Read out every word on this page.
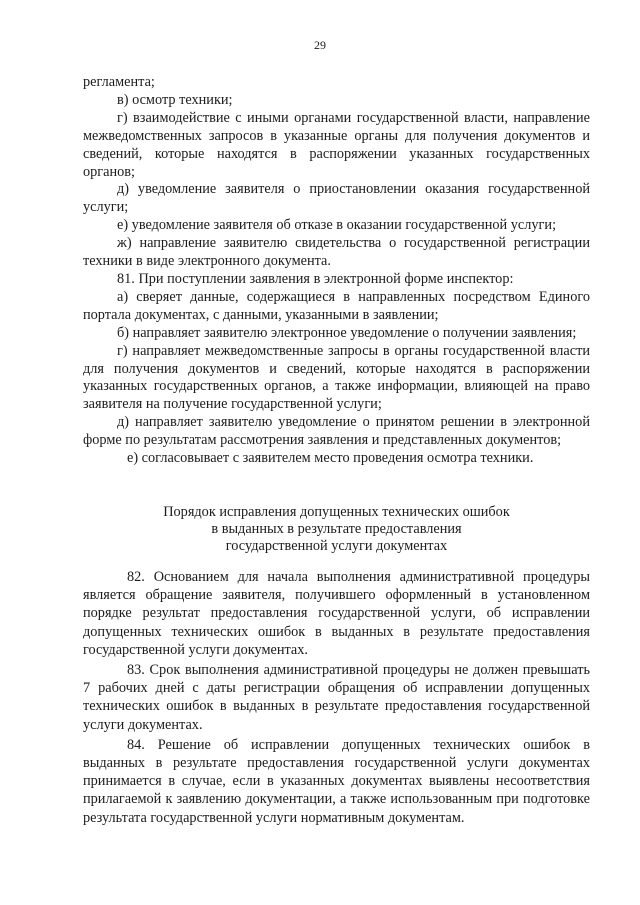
29

регламента;

в) осмотр техники;

г) взаимодействие с иными органами государственной власти, направление межведомственных запросов в указанные органы для получения документов и сведений, которые находятся в распоряжении указанных государственных органов;

д) уведомление заявителя о приостановлении оказания государственной услуги;

е) уведомление заявителя об отказе в оказании государственной услуги;

ж) направление заявителю свидетельства о государственной регистрации техники в виде электронного документа.

81. При поступлении заявления в электронной форме инспектор:

а) сверяет данные, содержащиеся в направленных посредством Единого портала документах, с данными, указанными в заявлении;

б) направляет заявителю электронное уведомление о получении заявления;

г) направляет межведомственные запросы в органы государственной власти для получения документов и сведений, которые находятся в распоряжении указанных государственных органов, а также информации, влияющей на право заявителя на получение государственной услуги;

д) направляет заявителю уведомление о принятом решении в электронной форме по результатам рассмотрения заявления и представленных документов;

е) согласовывает с заявителем место проведения осмотра техники.

Порядок исправления допущенных технических ошибок

в выданных в результате предоставления

государственной услуги документах

82. Основанием для начала выполнения административной процедуры является обращение заявителя, получившего оформленный в установленном порядке результат предоставления государственной услуги, об исправлении допущенных технических ошибок в выданных в результате предоставления государственной услуги документах.

83. Срок выполнения административной процедуры не должен превышать 7 рабочих дней с даты регистрации обращения об исправлении допущенных технических ошибок в выданных в результате предоставления государственной услуги документах.

84. Решение об исправлении допущенных технических ошибок в выданных в результате предоставления государственной услуги документах принимается в случае, если в указанных документах выявлены несоответствия прилагаемой к заявлению документации, а также использованным при подготовке результата государственной услуги нормативным документам.
